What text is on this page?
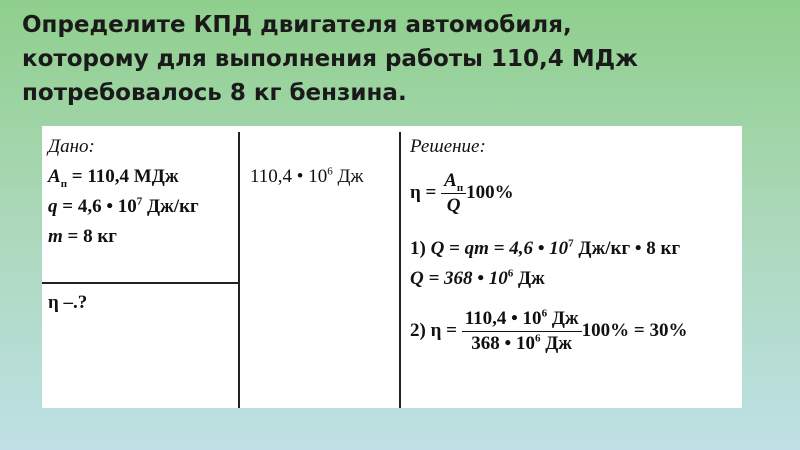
Определите КПД двигателя автомобиля,
которому для выполнения работы 110,4 МДж
потребовалось 8 кг бензина.
Дано:
$A_п = 110,4$ МДж
q = 4,6 • $10^7$ Дж/кг
m = 8 кг
η –.?
110,4 • $10^6$ Дж
Решение:
$\eta = \frac{A_п}{Q} 100\%$
1) Q = qm = 4,6 • $10^7$ Дж/кг • 8 кг
Q = 368 • $10^6$ Дж
2) $\eta = \frac{110,4 • 10^6 Дж}{368 • 10^6 Дж} 100\% = 30\%$
